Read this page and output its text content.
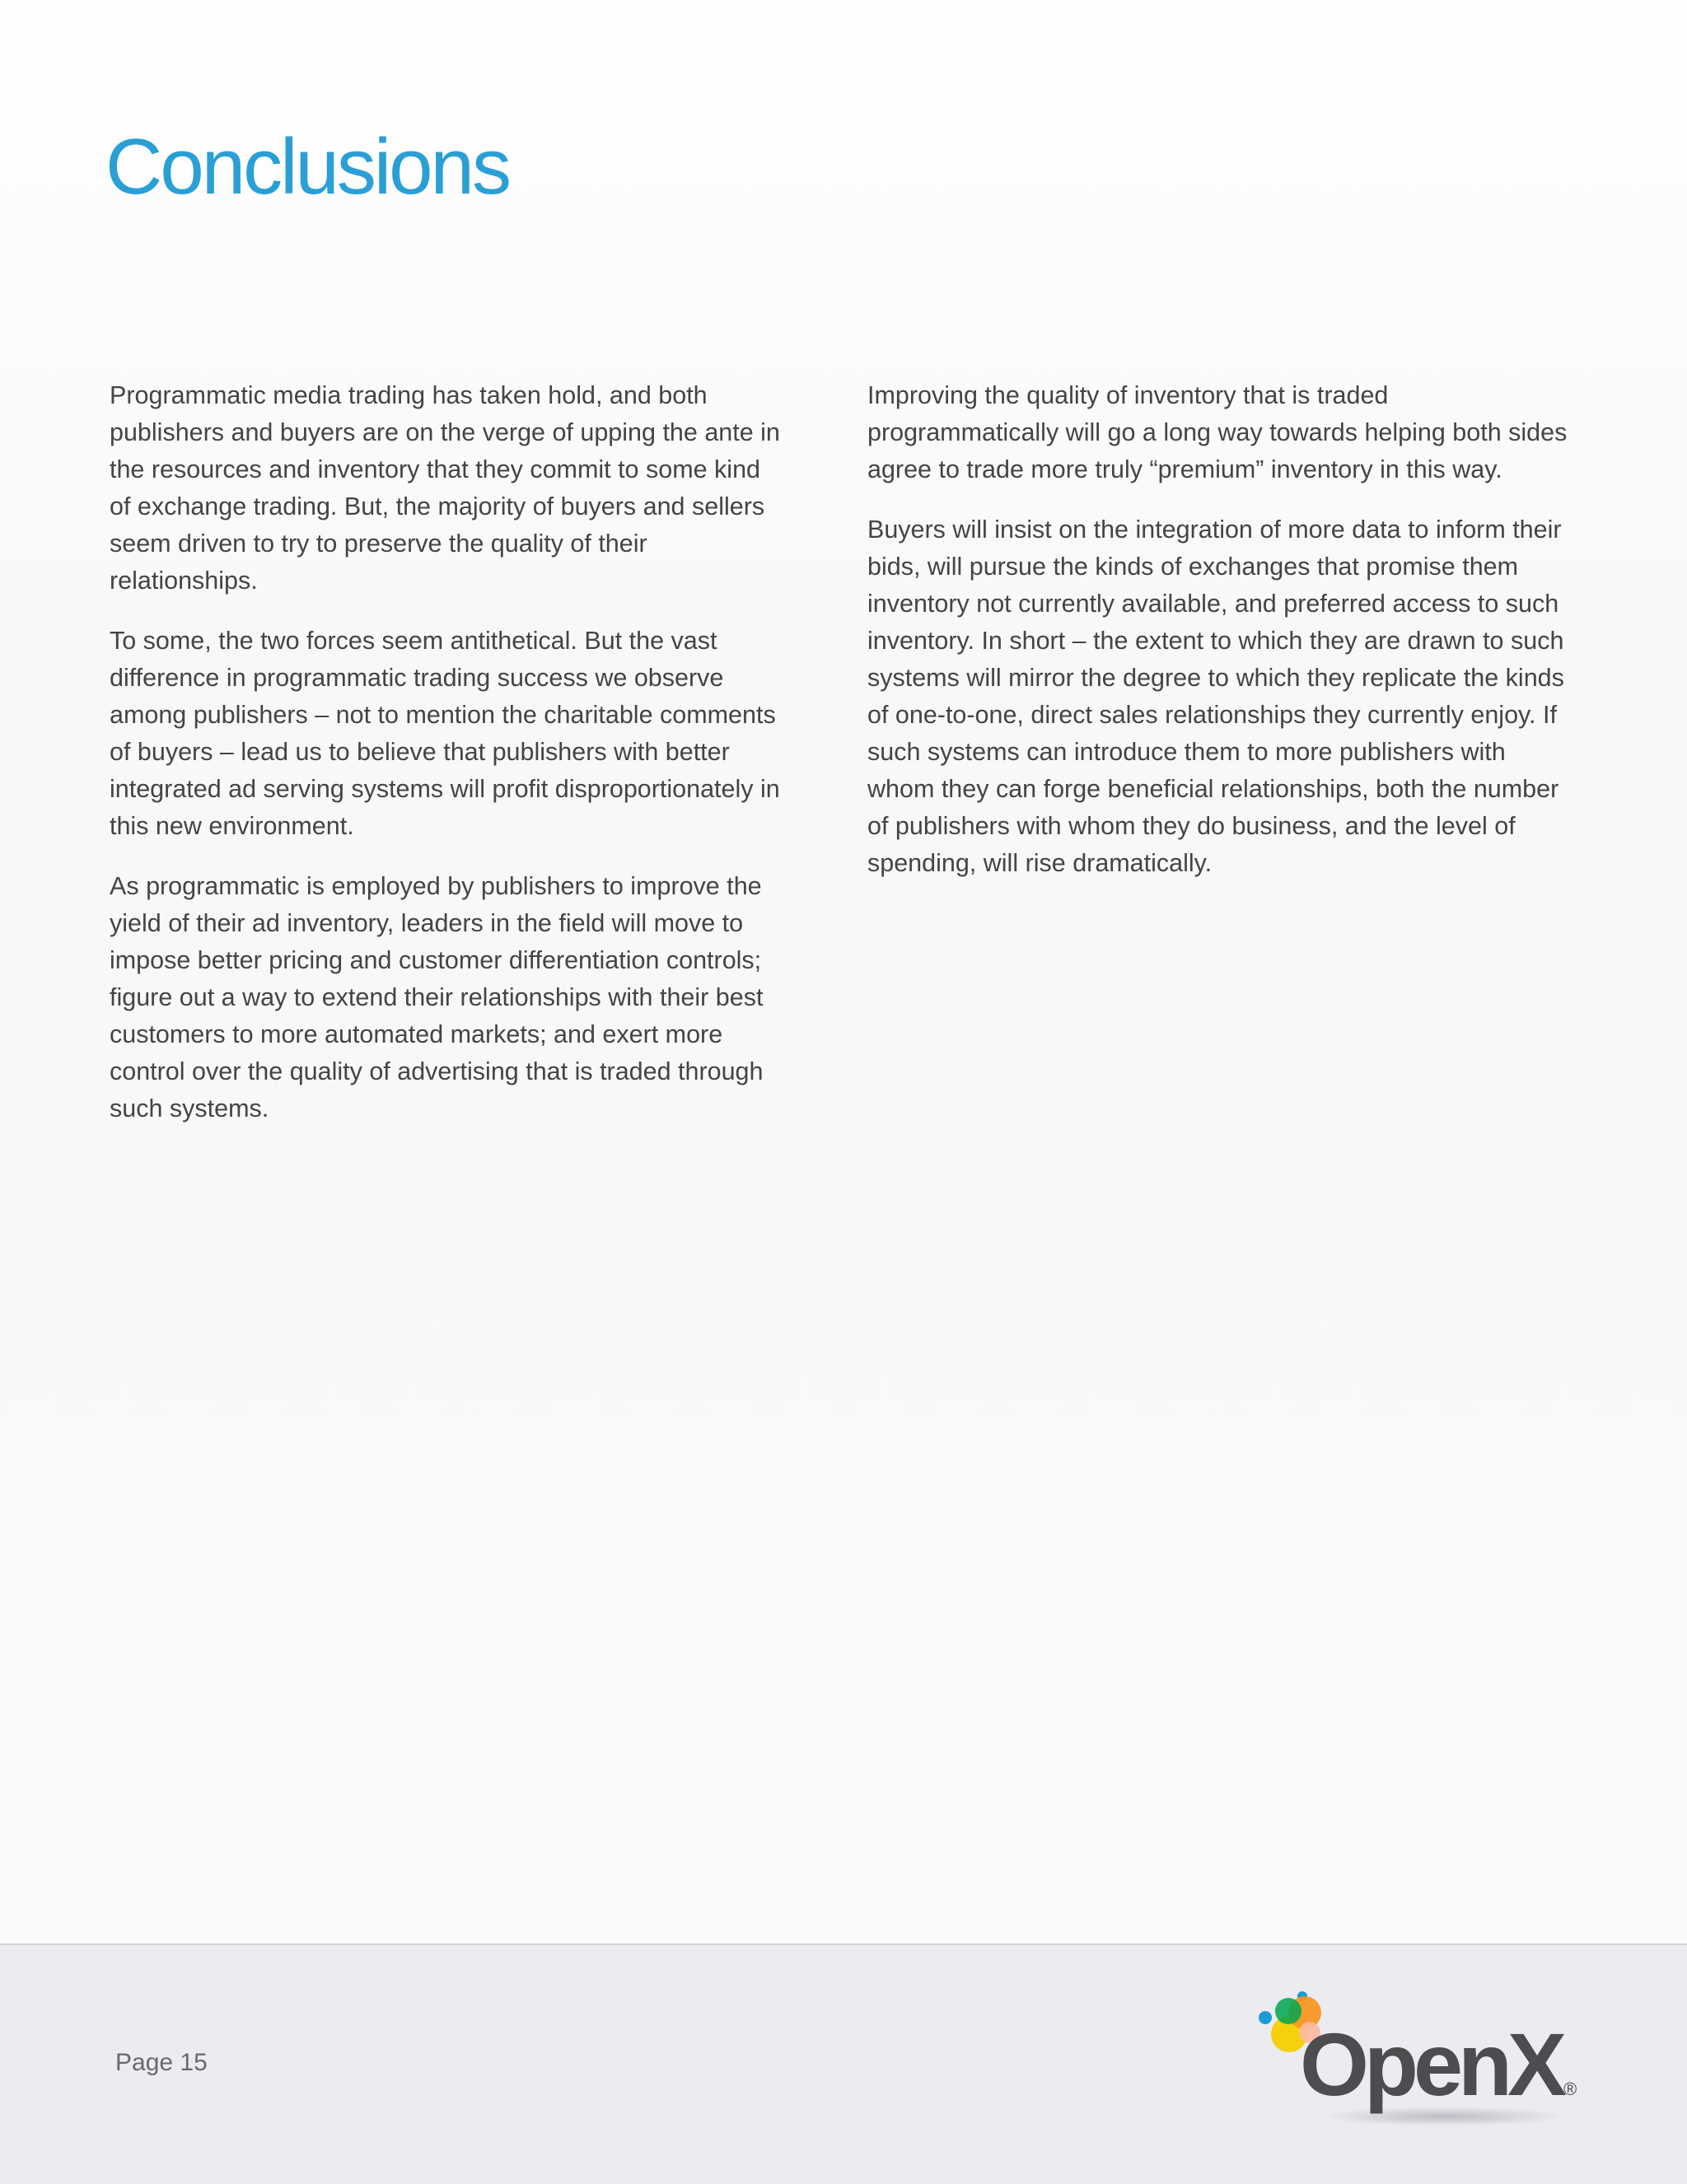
Conclusions

Programmatic media trading has taken hold, and both publishers and buyers are on the verge of upping the ante in the resources and inventory that they commit to some kind of exchange trading. But, the majority of buyers and sellers seem driven to try to preserve the quality of their relationships.

To some, the two forces seem antithetical. But the vast difference in programmatic trading success we observe among publishers – not to mention the charitable comments of buyers – lead us to believe that publishers with better integrated ad serving systems will profit disproportionately in this new environment.

As programmatic is employed by publishers to improve the yield of their ad inventory, leaders in the field will move to impose better pricing and customer differentiation controls; figure out a way to extend their relationships with their best customers to more automated markets; and exert more control over the quality of advertising that is traded through such systems.

Improving the quality of inventory that is traded programmatically will go a long way towards helping both sides agree to trade more truly “premium” inventory in this way.

Buyers will insist on the integration of more data to inform their bids, will pursue the kinds of exchanges that promise them inventory not currently available, and preferred access to such inventory. In short – the extent to which they are drawn to such systems will mirror the degree to which they replicate the kinds of one-to-one, direct sales relationships they currently enjoy. If such systems can introduce them to more publishers with whom they can forge beneficial relationships, both the number of publishers with whom they do business, and the level of spending, will rise dramatically.

Page 15	OpenX ®
